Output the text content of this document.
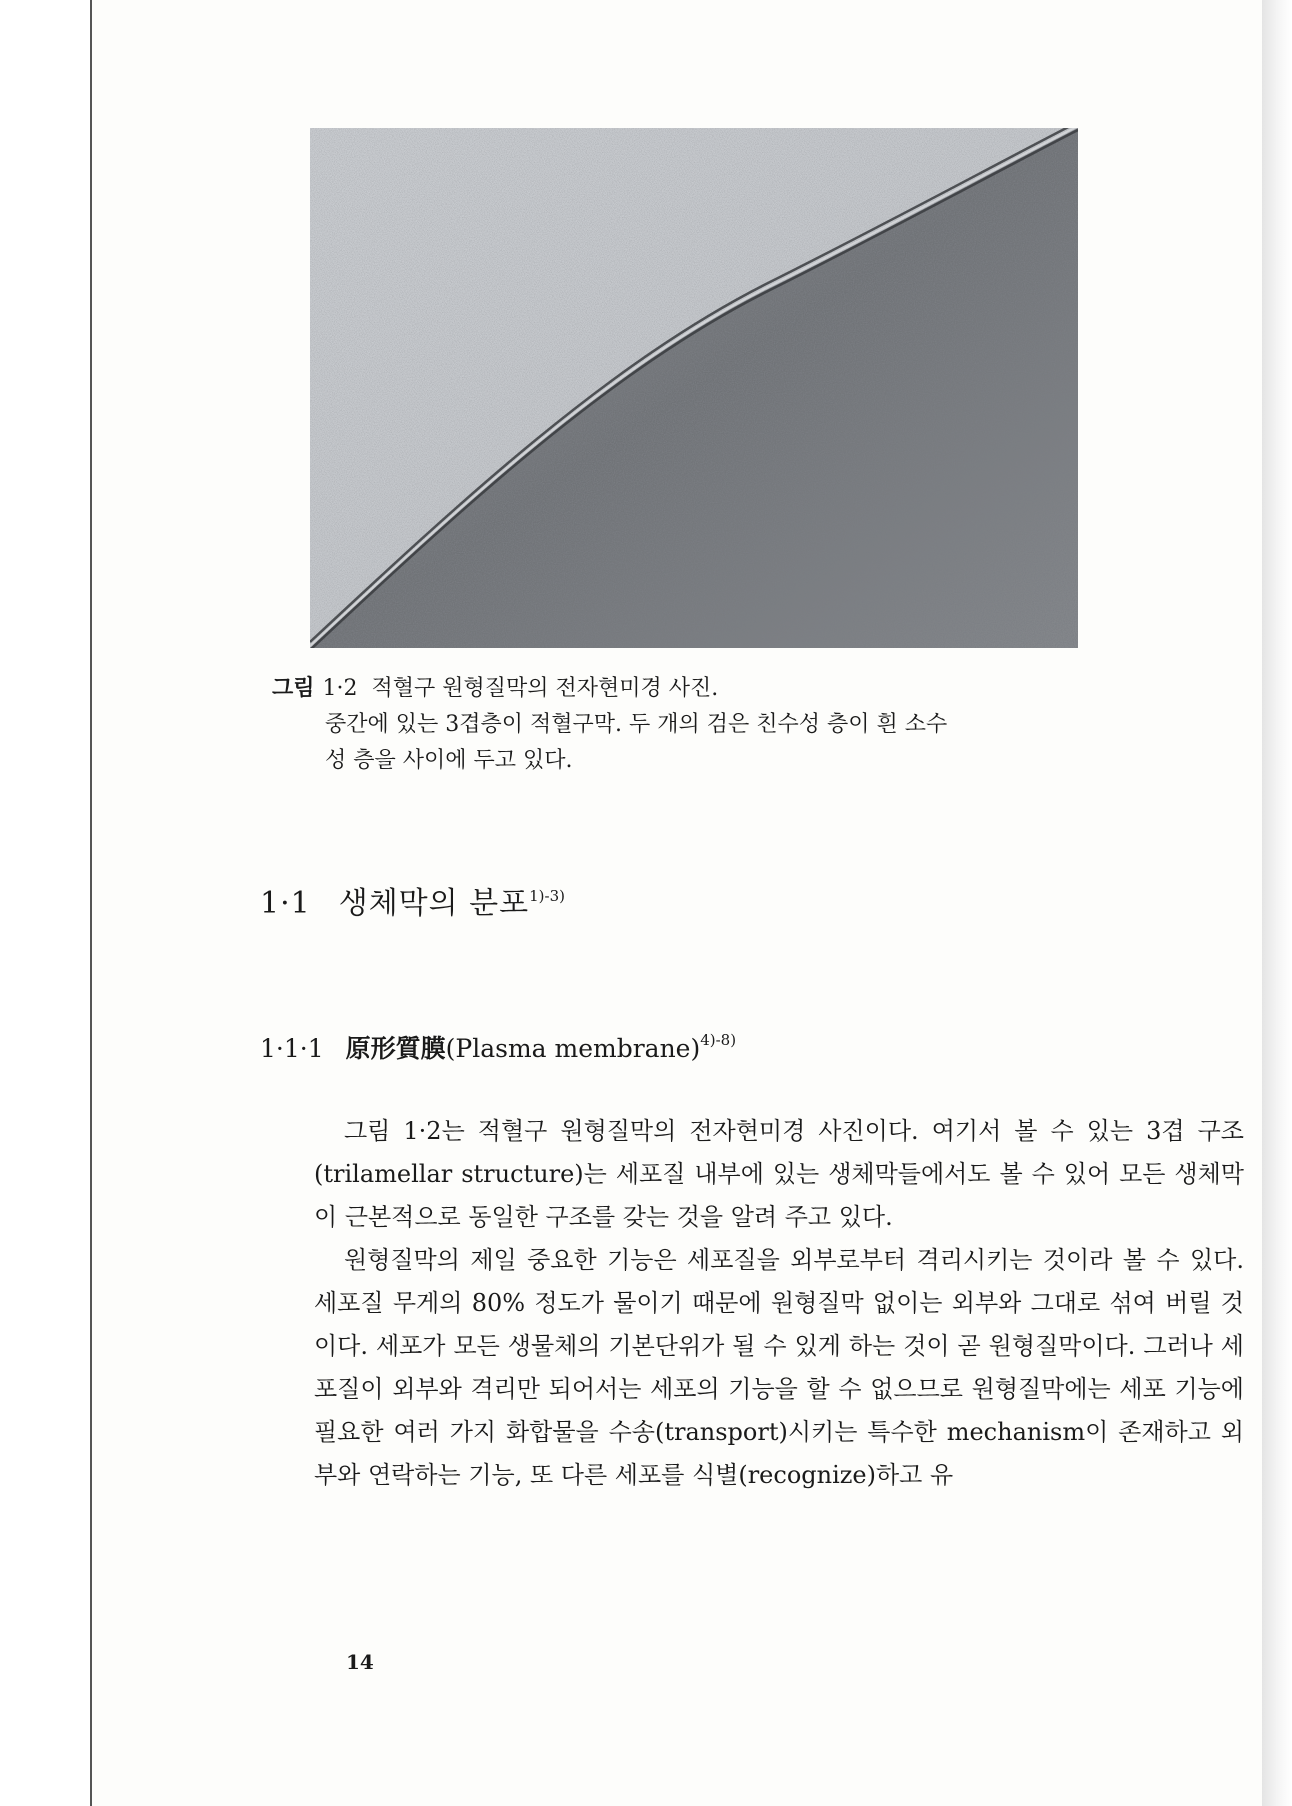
그림 1·2 적혈구 원형질막의 전자현미경 사진.
중간에 있는 3겹층이 적혈구막. 두 개의 검은 친수성 층이 흰 소수
성 층을 사이에 두고 있다.
1·1 생체막의 분포$^{1)-3)}$
1·1·1 原形質膜(Plasma membrane)$^{4)-8)}$

그림 1·2는 적혈구 원형질막의 전자현미경 사진이다. 여기서 볼 수 있는 3겹 구조(trilamellar structure)는 세포질 내부에 있는 생체막들에서도 볼 수 있어 모든 생체막이 근본적으로 동일한 구조를 갖는 것을 알려 주고 있다.

원형질막의 제일 중요한 기능은 세포질을 외부로부터 격리시키는 것이라 볼 수 있다. 세포질 무게의 80% 정도가 물이기 때문에 원형질막 없이는 외부와 그대로 섞여 버릴 것이다. 세포가 모든 생물체의 기본단위가 될 수 있게 하는 것이 곧 원형질막이다. 그러나 세포질이 외부와 격리만 되어서는 세포의 기능을 할 수 없으므로 원형질막에는 세포 기능에 필요한 여러 가지 화합물을 수송(transport)시키는 특수한 mechanism이 존재하고 외부와 연락하는 기능, 또 다른 세포를 식별(recognize)하고 유

14
